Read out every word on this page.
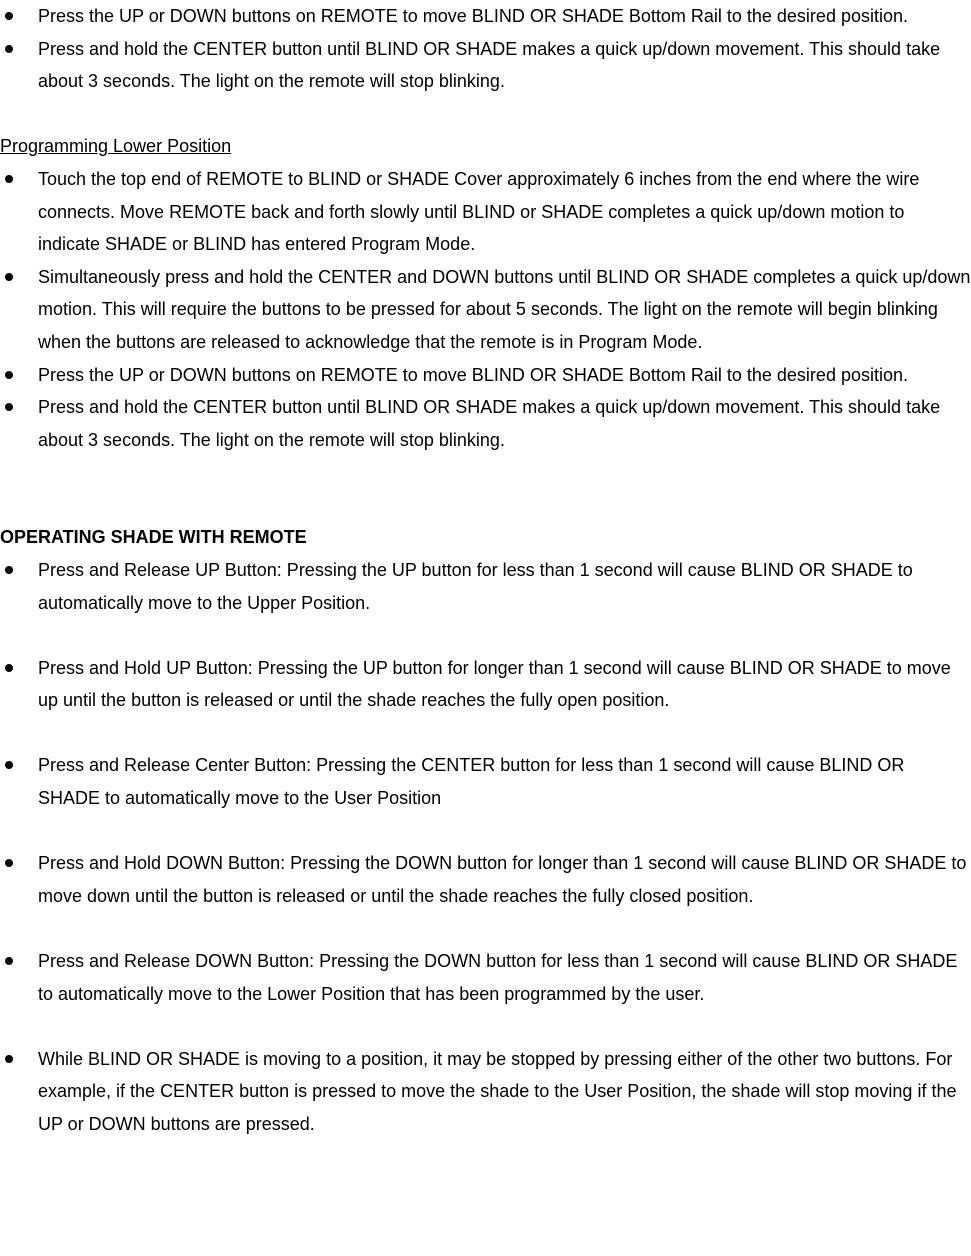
Press the UP or DOWN buttons on REMOTE to move BLIND OR SHADE Bottom Rail to the desired position.
Press and hold the CENTER button until BLIND OR SHADE makes a quick up/down movement. This should take about 3 seconds. The light on the remote will stop blinking.

Programming Lower Position

Touch the top end of REMOTE to BLIND or SHADE Cover approximately 6 inches from the end where the wire connects. Move REMOTE back and forth slowly until BLIND or SHADE completes a quick up/down motion to indicate SHADE or BLIND has entered Program Mode.
Simultaneously press and hold the CENTER and DOWN buttons until BLIND OR SHADE completes a quick up/down motion. This will require the buttons to be pressed for about 5 seconds. The light on the remote will begin blinking when the buttons are released to acknowledge that the remote is in Program Mode.
Press the UP or DOWN buttons on REMOTE to move BLIND OR SHADE Bottom Rail to the desired position.
Press and hold the CENTER button until BLIND OR SHADE makes a quick up/down movement. This should take about 3 seconds. The light on the remote will stop blinking.

OPERATING SHADE WITH REMOTE

Press and Release UP Button: Pressing the UP button for less than 1 second will cause BLIND OR SHADE to automatically move to the Upper Position.
Press and Hold UP Button: Pressing the UP button for longer than 1 second will cause BLIND OR SHADE to move up until the button is released or until the shade reaches the fully open position.
Press and Release Center Button: Pressing the CENTER button for less than 1 second will cause BLIND OR SHADE to automatically move to the User Position
Press and Hold DOWN Button: Pressing the DOWN button for longer than 1 second will cause BLIND OR SHADE to move down until the button is released or until the shade reaches the fully closed position.
Press and Release DOWN Button: Pressing the DOWN button for less than 1 second will cause BLIND OR SHADE to automatically move to the Lower Position that has been programmed by the user.
While BLIND OR SHADE is moving to a position, it may be stopped by pressing either of the other two buttons. For example, if the CENTER button is pressed to move the shade to the User Position, the shade will stop moving if the UP or DOWN buttons are pressed.
